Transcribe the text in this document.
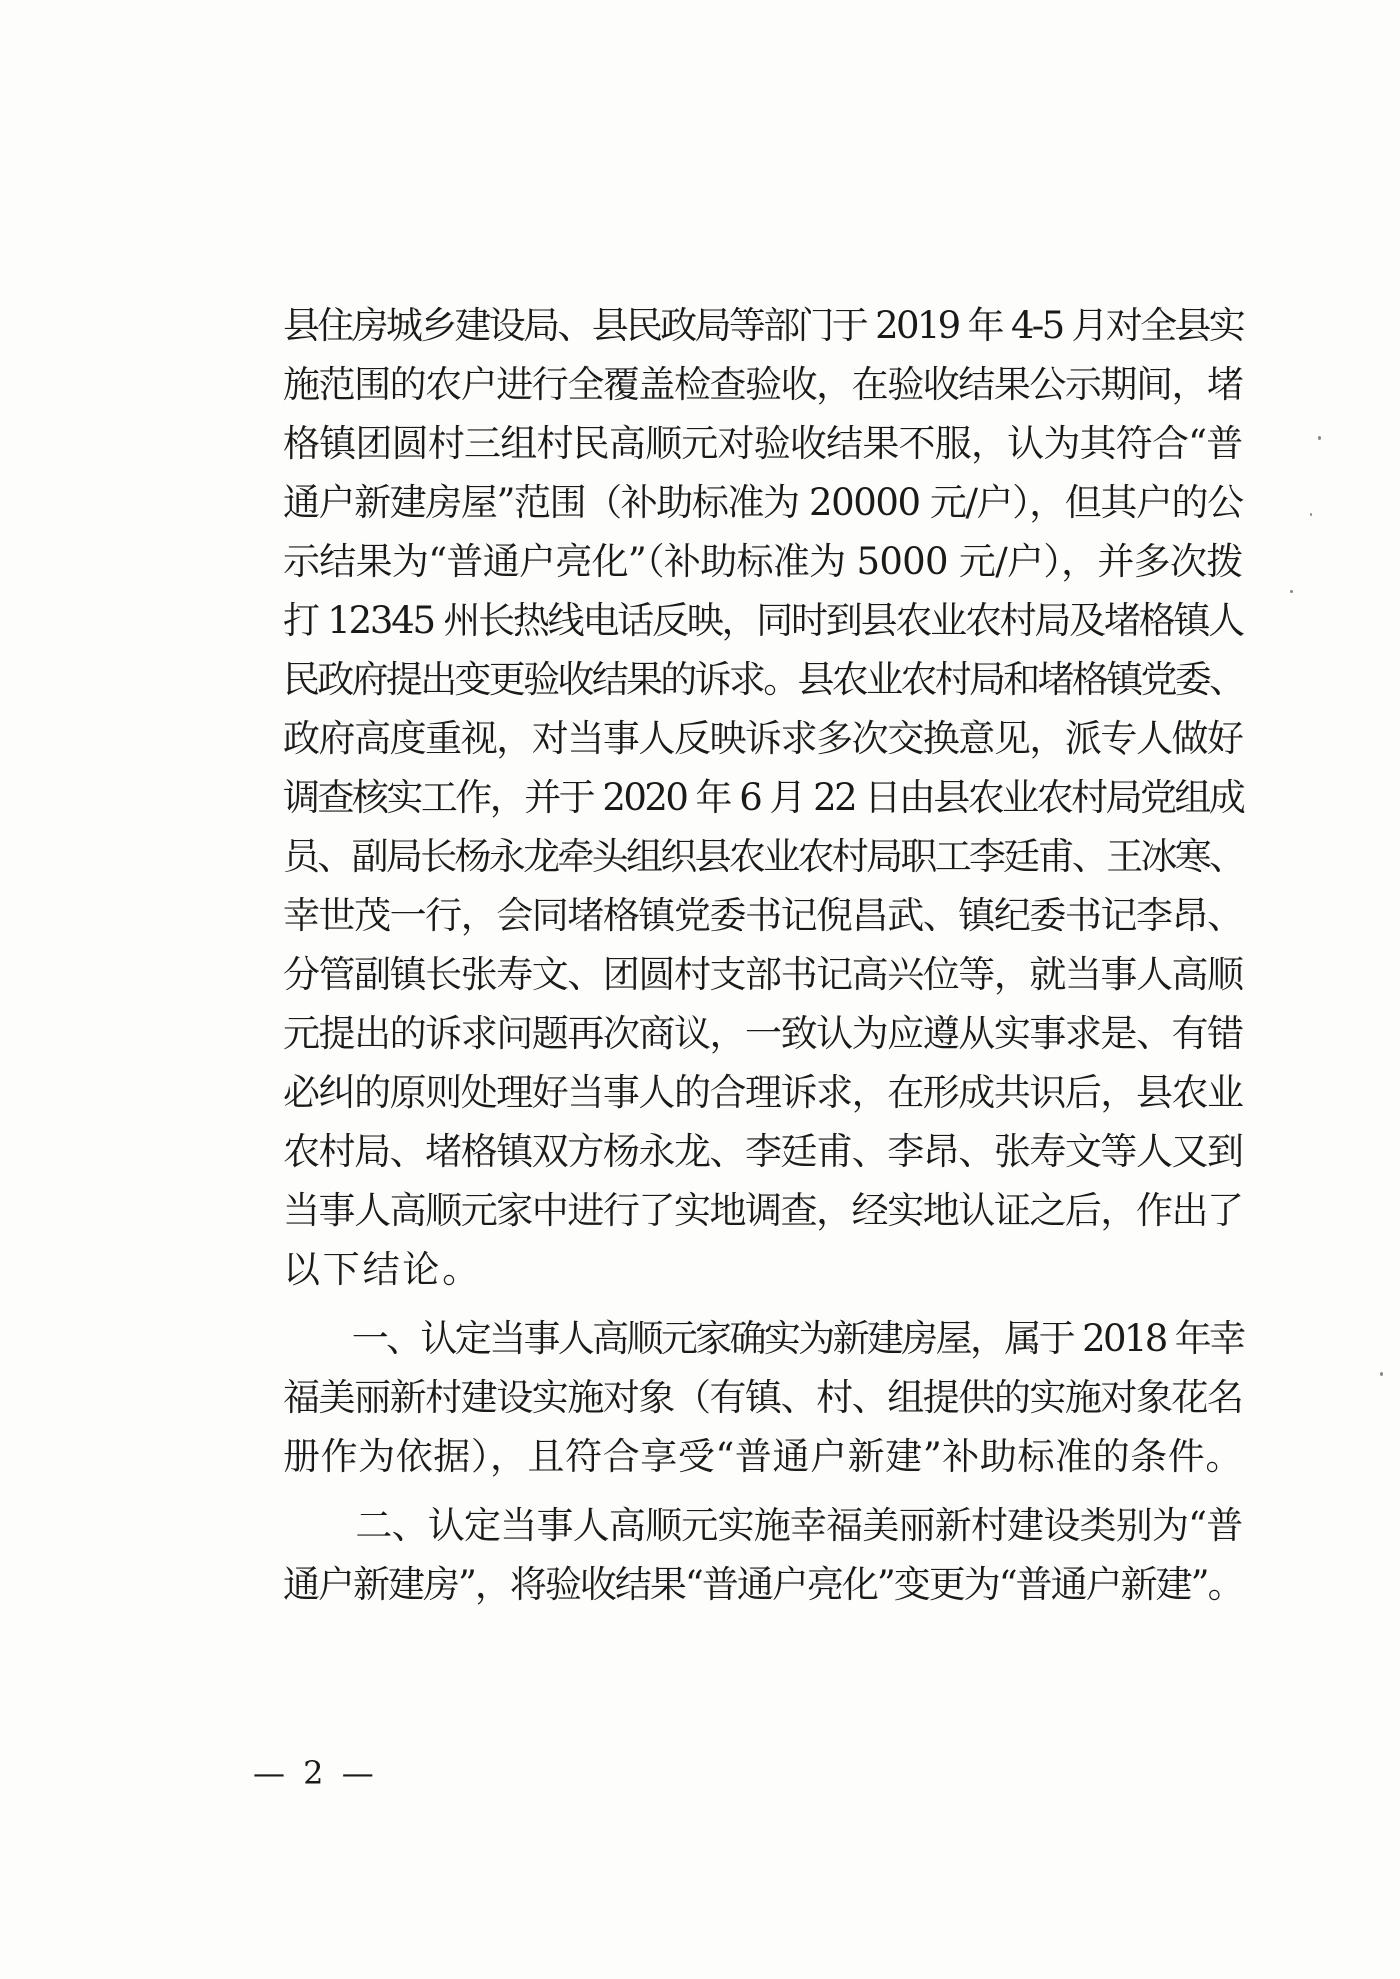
县住房城乡建设局、县民政局等部门于 2019 年 4-5 月对全县实
施范围的农户进行全覆盖检查验收，在验收结果公示期间，堵
格镇团圆村三组村民高顺元对验收结果不服，认为其符合“普
通户新建房屋”范围（补助标准为 20000 元/户），但其户的公
示结果为“普通户亮化”（补助标准为 5000 元/户），并多次拨
打 12345 州长热线电话反映，同时到县农业农村局及堵格镇人
民政府提出变更验收结果的诉求。县农业农村局和堵格镇党委、
政府高度重视，对当事人反映诉求多次交换意见，派专人做好
调查核实工作，并于 2020 年 6 月 22 日由县农业农村局党组成
员、副局长杨永龙牵头组织县农业农村局职工李廷甫、王冰寒、
幸世茂一行，会同堵格镇党委书记倪昌武、镇纪委书记李昂、
分管副镇长张寿文、团圆村支部书记高兴位等，就当事人高顺
元提出的诉求问题再次商议，一致认为应遵从实事求是、有错
必纠的原则处理好当事人的合理诉求，在形成共识后，县农业
农村局、堵格镇双方杨永龙、李廷甫、李昂、张寿文等人又到
当事人高顺元家中进行了实地调查，经实地认证之后，作出了
以下结论。
　　一、认定当事人高顺元家确实为新建房屋，属于 2018 年幸
福美丽新村建设实施对象（有镇、村、组提供的实施对象花名
册作为依据），且符合享受“普通户新建”补助标准的条件。
　　二、认定当事人高顺元实施幸福美丽新村建设类别为“普
通户新建房”，将验收结果“普通户亮化”变更为“普通户新建”。
— 2 —
